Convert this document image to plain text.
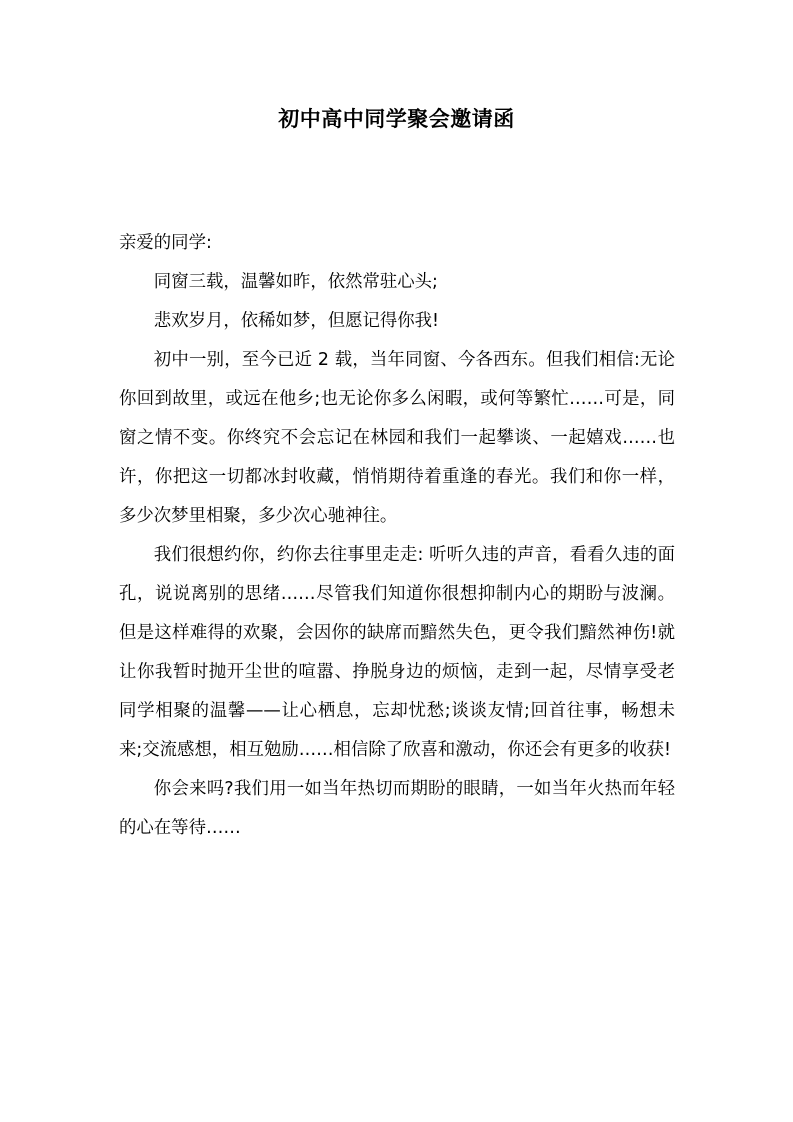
初中高中同学聚会邀请函

亲爱的同学:

同窗三载，温馨如昨，依然常驻心头;

悲欢岁月，依稀如梦，但愿记得你我!

初中一别，至今已近 2 载，当年同窗、今各西东。但我们相信:无论你回到故里，或远在他乡;也无论你多么闲暇，或何等繁忙……可是，同窗之情不变。你终究不会忘记在林园和我们一起攀谈、一起嬉戏……也许，你把这一切都冰封收藏，悄悄期待着重逢的春光。我们和你一样，多少次梦里相聚，多少次心驰神往。

我们很想约你，约你去往事里走走: 听听久违的声音，看看久违的面孔，说说离别的思绪……尽管我们知道你很想抑制内心的期盼与波澜。但是这样难得的欢聚，会因你的缺席而黯然失色，更令我们黯然神伤!就让你我暂时抛开尘世的喧嚣、挣脱身边的烦恼，走到一起，尽情享受老同学相聚的温馨——让心栖息，忘却忧愁;谈谈友情;回首往事，畅想未来;交流感想，相互勉励……相信除了欣喜和激动，你还会有更多的收获!

你会来吗?我们用一如当年热切而期盼的眼睛，一如当年火热而年轻的心在等待……
